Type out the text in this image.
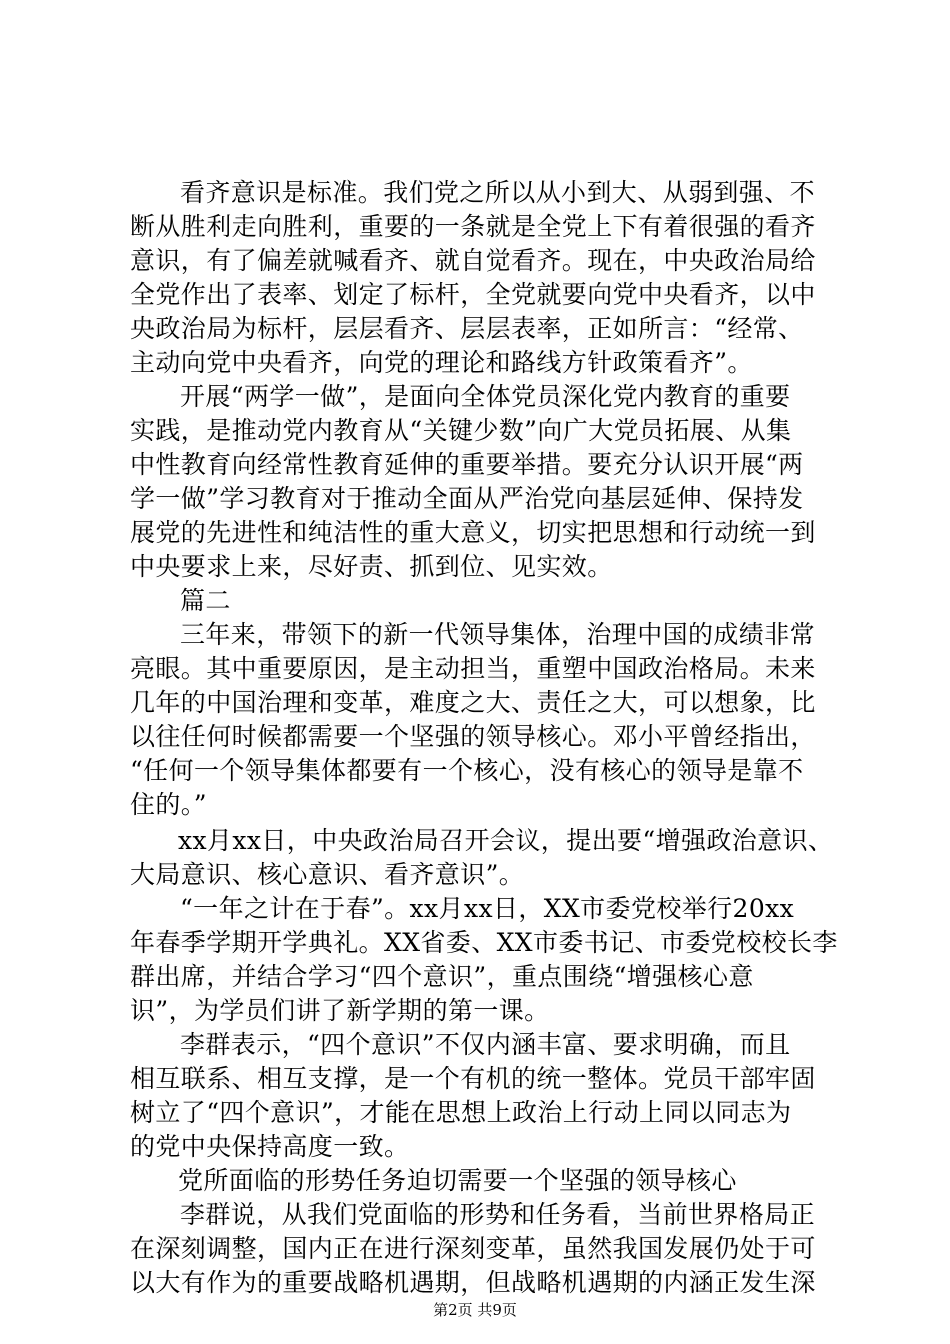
看齐意识是标准。我们党之所以从小到大、从弱到强、不
断从胜利走向胜利，重要的一条就是全党上下有着很强的看齐
意识，有了偏差就喊看齐、就自觉看齐。现在，中央政治局给
全党作出了表率、划定了标杆，全党就要向党中央看齐，以中
央政治局为标杆，层层看齐、层层表率，正如所言：“经常、
主动向党中央看齐，向党的理论和路线方针政策看齐”。
开展“两学一做”，是面向全体党员深化党内教育的重要
实践，是推动党内教育从“关键少数”向广大党员拓展、从集
中性教育向经常性教育延伸的重要举措。要充分认识开展“两
学一做”学习教育对于推动全面从严治党向基层延伸、保持发
展党的先进性和纯洁性的重大意义，切实把思想和行动统一到
中央要求上来，尽好责、抓到位、见实效。
篇二
三年来，带领下的新一代领导集体，治理中国的成绩非常
亮眼。其中重要原因，是主动担当，重塑中国政治格局。未来
几年的中国治理和变革，难度之大、责任之大，可以想象，比
以往任何时候都需要一个坚强的领导核心。邓小平曾经指出，
“任何一个领导集体都要有一个核心，没有核心的领导是靠不
住的。”
xx月xx日，中央政治局召开会议，提出要“增强政治意识、
大局意识、核心意识、看齐意识”。
“一年之计在于春”。xx月xx日，XX市委党校举行20xx
年春季学期开学典礼。XX省委、XX市委书记、市委党校校长李
群出席，并结合学习“四个意识”，重点围绕“增强核心意
识”，为学员们讲了新学期的第一课。
李群表示，“四个意识”不仅内涵丰富、要求明确，而且
相互联系、相互支撑，是一个有机的统一整体。党员干部牢固
树立了“四个意识”，才能在思想上政治上行动上同以同志为
的党中央保持高度一致。
党所面临的形势任务迫切需要一个坚强的领导核心
李群说，从我们党面临的形势和任务看，当前世界格局正
在深刻调整，国内正在进行深刻变革，虽然我国发展仍处于可
以大有作为的重要战略机遇期，但战略机遇期的内涵正发生深
第2页 共9页
